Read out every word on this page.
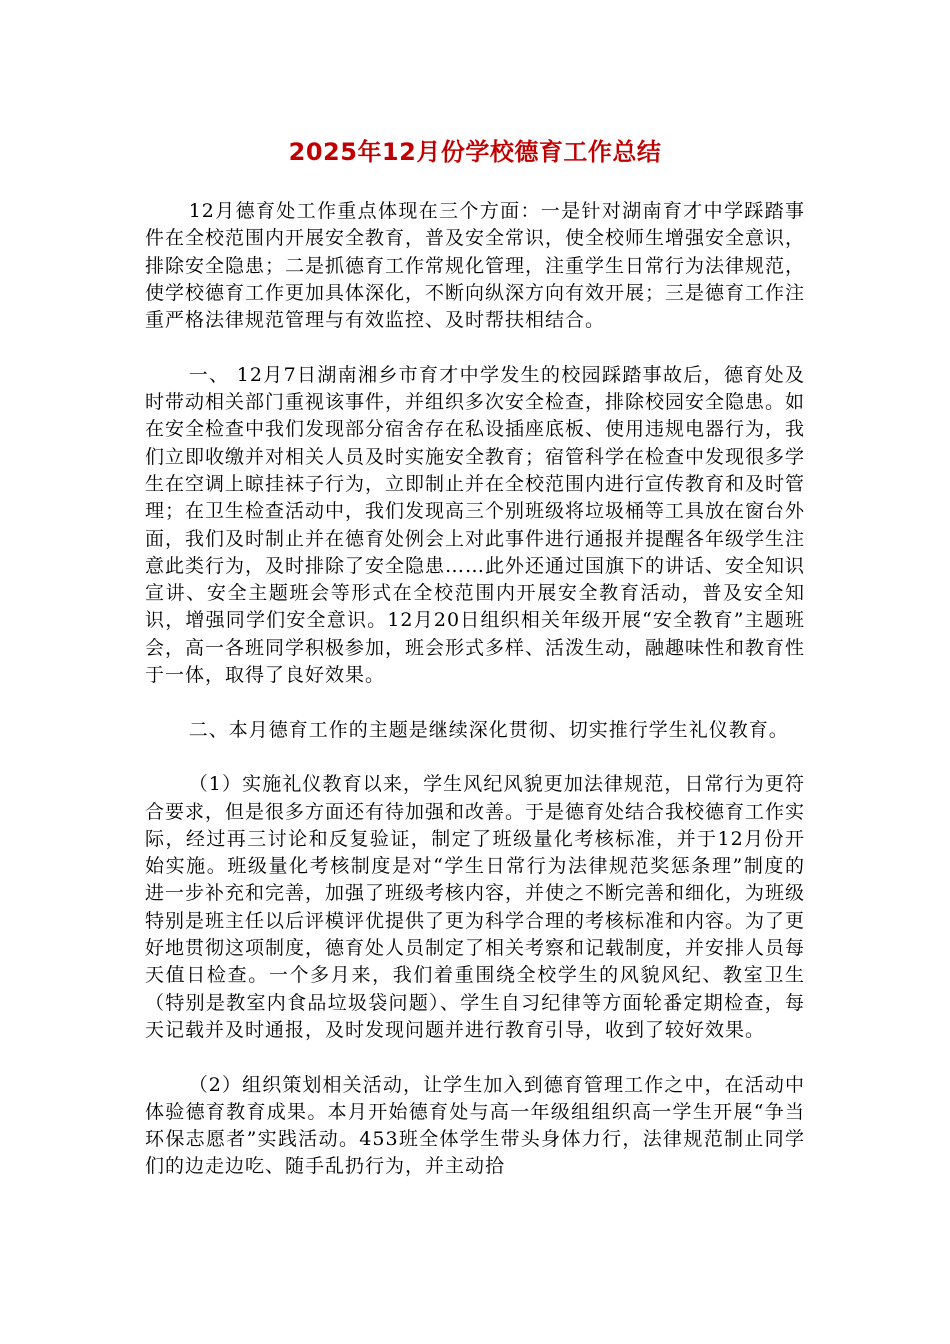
2025年12月份学校德育工作总结

12月德育处工作重点体现在三个方面：一是针对湖南育才中学踩踏事件在全校范围内开展安全教育，普及安全常识，使全校师生增强安全意识，排除安全隐患；二是抓德育工作常规化管理，注重学生日常行为法律规范，使学校德育工作更加具体深化，不断向纵深方向有效开展；三是德育工作注重严格法律规范管理与有效监控、及时帮扶相结合。

一、 12月7日湖南湘乡市育才中学发生的校园踩踏事故后，德育处及时带动相关部门重视该事件，并组织多次安全检查，排除校园安全隐患。如在安全检查中我们发现部分宿舍存在私设插座底板、使用违规电器行为，我们立即收缴并对相关人员及时实施安全教育；宿管科学在检查中发现很多学生在空调上晾挂袜子行为，立即制止并在全校范围内进行宣传教育和及时管理；在卫生检查活动中，我们发现高三个别班级将垃圾桶等工具放在窗台外面，我们及时制止并在德育处例会上对此事件进行通报并提醒各年级学生注意此类行为，及时排除了安全隐患……此外还通过国旗下的讲话、安全知识宣讲、安全主题班会等形式在全校范围内开展安全教育活动，普及安全知识，增强同学们安全意识。12月20日组织相关年级开展“安全教育”主题班会，高一各班同学积极参加，班会形式多样、活泼生动，融趣味性和教育性于一体，取得了良好效果。

二、本月德育工作的主题是继续深化贯彻、切实推行学生礼仪教育。

（1）实施礼仪教育以来，学生风纪风貌更加法律规范，日常行为更符合要求，但是很多方面还有待加强和改善。于是德育处结合我校德育工作实际，经过再三讨论和反复验证，制定了班级量化考核标准，并于12月份开始实施。班级量化考核制度是对“学生日常行为法律规范奖惩条理”制度的进一步补充和完善，加强了班级考核内容，并使之不断完善和细化，为班级特别是班主任以后评模评优提供了更为科学合理的考核标准和内容。为了更好地贯彻这项制度，德育处人员制定了相关考察和记载制度，并安排人员每天值日检查。一个多月来，我们着重围绕全校学生的风貌风纪、教室卫生（特别是教室内食品垃圾袋问题）、学生自习纪律等方面轮番定期检查，每天记载并及时通报，及时发现问题并进行教育引导，收到了较好效果。

（2）组织策划相关活动，让学生加入到德育管理工作之中，在活动中体验德育教育成果。本月开始德育处与高一年级组组织高一学生开展“争当环保志愿者”实践活动。453班全体学生带头身体力行，法律规范制止同学们的边走边吃、随手乱扔行为，并主动拾
